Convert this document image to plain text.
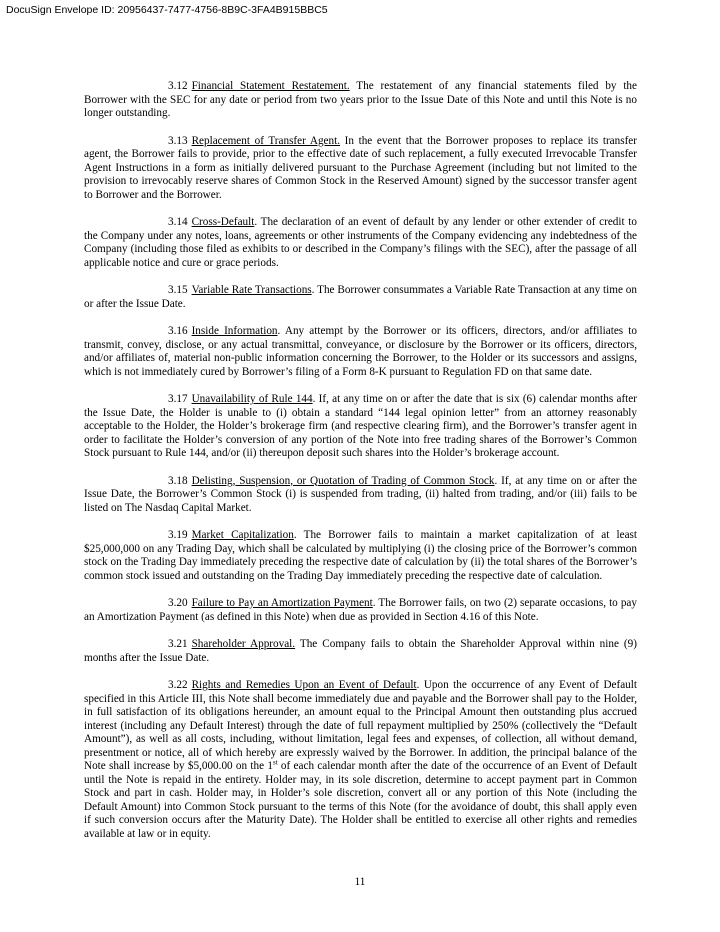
DocuSign Envelope ID: 20956437-7477-4756-8B9C-3FA4B915BBC5

3.12 Financial Statement Restatement. The restatement of any financial statements filed by the Borrower with the SEC for any date or period from two years prior to the Issue Date of this Note and until this Note is no longer outstanding.

3.13 Replacement of Transfer Agent. In the event that the Borrower proposes to replace its transfer agent, the Borrower fails to provide, prior to the effective date of such replacement, a fully executed Irrevocable Transfer Agent Instructions in a form as initially delivered pursuant to the Purchase Agreement (including but not limited to the provision to irrevocably reserve shares of Common Stock in the Reserved Amount) signed by the successor transfer agent to Borrower and the Borrower.

3.14 Cross-Default. The declaration of an event of default by any lender or other extender of credit to the Company under any notes, loans, agreements or other instruments of the Company evidencing any indebtedness of the Company (including those filed as exhibits to or described in the Company’s filings with the SEC), after the passage of all applicable notice and cure or grace periods.

3.15 Variable Rate Transactions. The Borrower consummates a Variable Rate Transaction at any time on or after the Issue Date.

3.16 Inside Information. Any attempt by the Borrower or its officers, directors, and/or affiliates to transmit, convey, disclose, or any actual transmittal, conveyance, or disclosure by the Borrower or its officers, directors, and/or affiliates of, material non-public information concerning the Borrower, to the Holder or its successors and assigns, which is not immediately cured by Borrower’s filing of a Form 8-K pursuant to Regulation FD on that same date.

3.17 Unavailability of Rule 144. If, at any time on or after the date that is six (6) calendar months after the Issue Date, the Holder is unable to (i) obtain a standard “144 legal opinion letter” from an attorney reasonably acceptable to the Holder, the Holder’s brokerage firm (and respective clearing firm), and the Borrower’s transfer agent in order to facilitate the Holder’s conversion of any portion of the Note into free trading shares of the Borrower’s Common Stock pursuant to Rule 144, and/or (ii) thereupon deposit such shares into the Holder’s brokerage account.

3.18 Delisting, Suspension, or Quotation of Trading of Common Stock. If, at any time on or after the Issue Date, the Borrower’s Common Stock (i) is suspended from trading, (ii) halted from trading, and/or (iii) fails to be listed on The Nasdaq Capital Market.

3.19 Market Capitalization. The Borrower fails to maintain a market capitalization of at least $25,000,000 on any Trading Day, which shall be calculated by multiplying (i) the closing price of the Borrower’s common stock on the Trading Day immediately preceding the respective date of calculation by (ii) the total shares of the Borrower’s common stock issued and outstanding on the Trading Day immediately preceding the respective date of calculation.

3.20 Failure to Pay an Amortization Payment. The Borrower fails, on two (2) separate occasions, to pay an Amortization Payment (as defined in this Note) when due as provided in Section 4.16 of this Note.

3.21 Shareholder Approval. The Company fails to obtain the Shareholder Approval within nine (9) months after the Issue Date.

3.22 Rights and Remedies Upon an Event of Default. Upon the occurrence of any Event of Default specified in this Article III, this Note shall become immediately due and payable and the Borrower shall pay to the Holder, in full satisfaction of its obligations hereunder, an amount equal to the Principal Amount then outstanding plus accrued interest (including any Default Interest) through the date of full repayment multiplied by 250% (collectively the “Default Amount”), as well as all costs, including, without limitation, legal fees and expenses, of collection, all without demand, presentment or notice, all of which hereby are expressly waived by the Borrower. In addition, the principal balance of the Note shall increase by $5,000.00 on the 1st of each calendar month after the date of the occurrence of an Event of Default until the Note is repaid in the entirety. Holder may, in its sole discretion, determine to accept payment part in Common Stock and part in cash. Holder may, in Holder’s sole discretion, convert all or any portion of this Note (including the Default Amount) into Common Stock pursuant to the terms of this Note (for the avoidance of doubt, this shall apply even if such conversion occurs after the Maturity Date). The Holder shall be entitled to exercise all other rights and remedies available at law or in equity.

11
